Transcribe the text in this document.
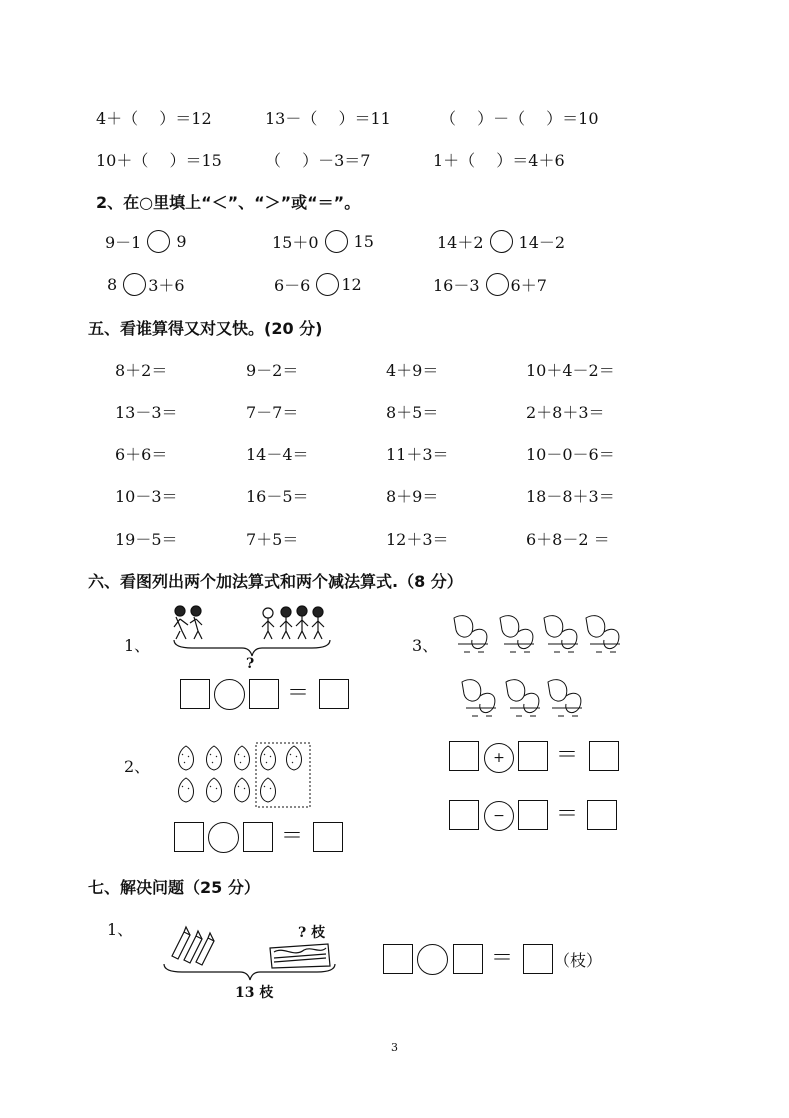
4＋（　 ）＝12	13－（　 ）＝11	（　 ）－（　 ）＝10
10＋（　 ）＝15	（　 ）－3＝7	1＋（　 ）＝4＋6
2、在○里填上“＜”、“＞”或“＝”。
9－1 9	15＋0 15	14＋2 14－2
8 3＋6	6－6 12	16－3 6＋7
五、看谁算得又对又快。(20 分)
8＋2＝	9－2＝	4＋9＝	10＋4－2＝
13－3＝	7－7＝	8＋5＝	2＋8＋3＝
6＋6＝	14－4＝	11＋3＝	10－0－6＝
10－3＝	16－5＝	8＋9＝	18－8＋3＝
19－5＝	7＋5＝	12＋3＝	6＋8－2 ＝
六、看图列出两个加法算式和两个减法算式.（8 分）
1、
?
＝
2、
＝
3、
+	＝
−	＝
七、解决问题（25 分）
1、	? 枝
13 枝
＝	（枝）
3
